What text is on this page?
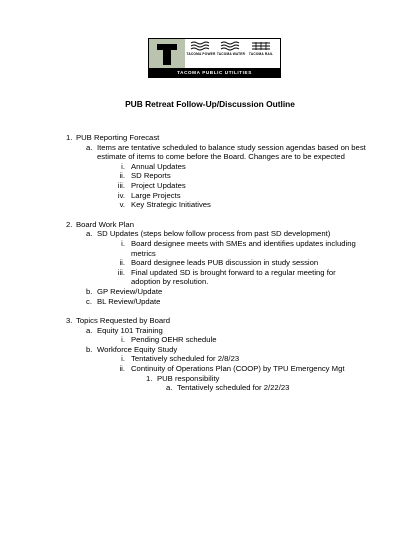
TACOMA POWER TACOMA WATER	TACOMA RAIL
TACOMA PUBLIC UTILITIES
PUB Retreat Follow-Up/Discussion Outline
1. PUB Reporting Forecast
a. Items are tentative scheduled to balance study session agendas based on best estimate of items to come before the Board. Changes are to be expected
i. Annual Updates
ii. SD Reports
iii. Project Updates
iv. Large Projects
v. Key Strategic Initiatives
2. Board Work Plan
a. SD Updates (steps below follow process from past SD development)
i. Board designee meets with SMEs and identifies updates including metrics
ii. Board designee leads PUB discussion in study session
iii. Final updated SD is brought forward to a regular meeting for adoption by resolution.
b. GP Review/Update
c. BL Review/Update
3. Topics Requested by Board
a. Equity 101 Training
i. Pending OEHR schedule
b. Workforce Equity Study
i. Tentatively scheduled for 2/8/23
ii. Continuity of Operations Plan (COOP) by TPU Emergency Mgt
1. PUB responsibility
a. Tentatively scheduled for 2/22/23
